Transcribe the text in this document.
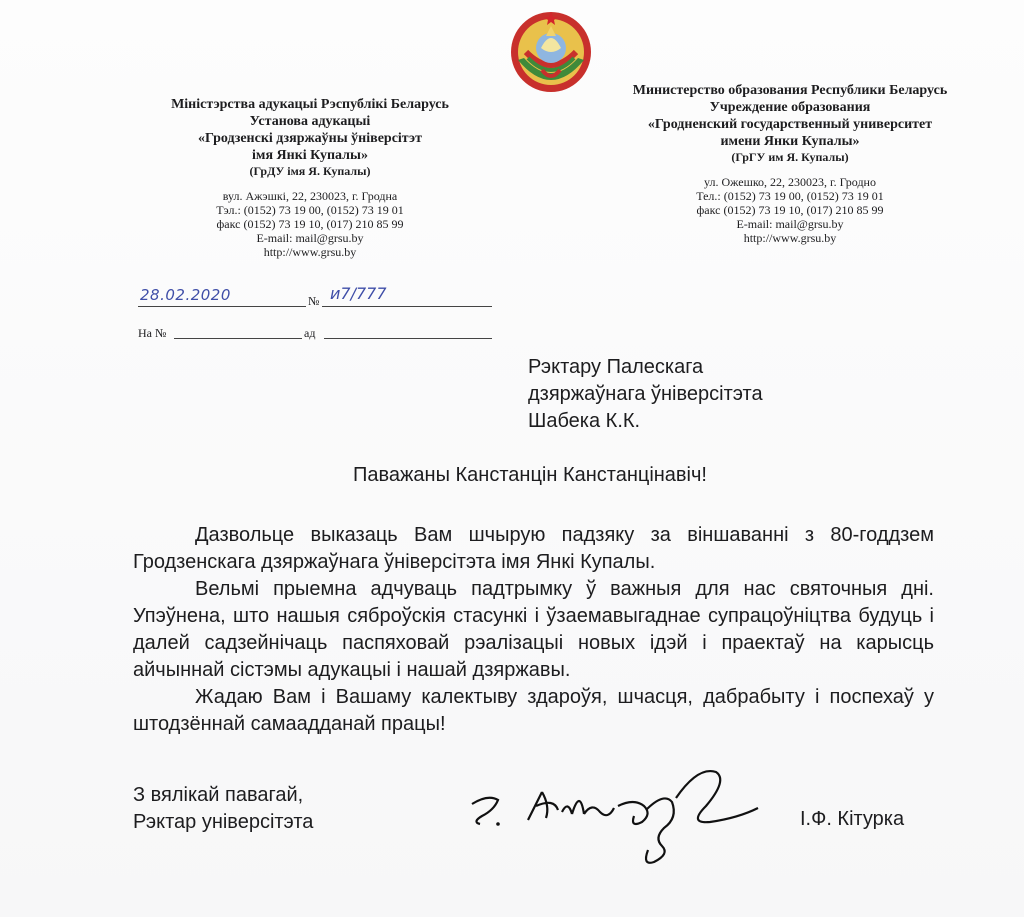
Міністэрства адукацыі Рэспублікі Беларусь

Установа адукацыі

«Гродзенскі дзяржаўны ўніверсітэт

імя Янкі Купалы»

(ГрДУ імя Я. Купалы)

вул. Ажэшкі, 22, 230023, г. Гродна

Тэл.: (0152) 73 19 00, (0152) 73 19 01

факс (0152) 73 19 10, (017) 210 85 99

E-mail: mail@grsu.by

http://www.grsu.by

Министерство образования Республики Беларусь

Учреждение образования

«Гродненский государственный университет

имени Янки Купалы»

(ГрГУ им Я. Купалы)

ул. Ожешко, 22, 230023, г. Гродно

Тел.: (0152) 73 19 00, (0152) 73 19 01

факс (0152) 73 19 10, (017) 210 85 99

E-mail: mail@grsu.by

http://www.grsu.by

28.02.2020	№ и7/777
На №	ад
Рэктару Палескага
дзяржаўнага ўніверсітэта
Шабека К.К.
Паважаны Канстанцін Канстанцінавіч!

Дазвольце выказаць Вам шчырую падзяку за віншаванні з 80-годдзем Гродзенскага дзяржаўнага ўніверсітэта імя Янкі Купалы.

Вельмі прыемна адчуваць падтрымку ў важныя для нас святочныя дні. Упэўнена, што нашыя сяброўскія стасункі і ўзаемавыгаднае супрацоўніцтва будуць і далей садзейнічаць паспяховай рэалізацыі новых ідэй і праектаў на карысць айчыннай сістэмы адукацыі і нашай дзяржавы.

Жадаю Вам і Вашаму калектыву здароўя, шчасця, дабрабыту і поспехаў у штодзённай самаадданай працы!

З вялікай павагай,
Рэктар універсітэта	І.Ф. Кітурка
